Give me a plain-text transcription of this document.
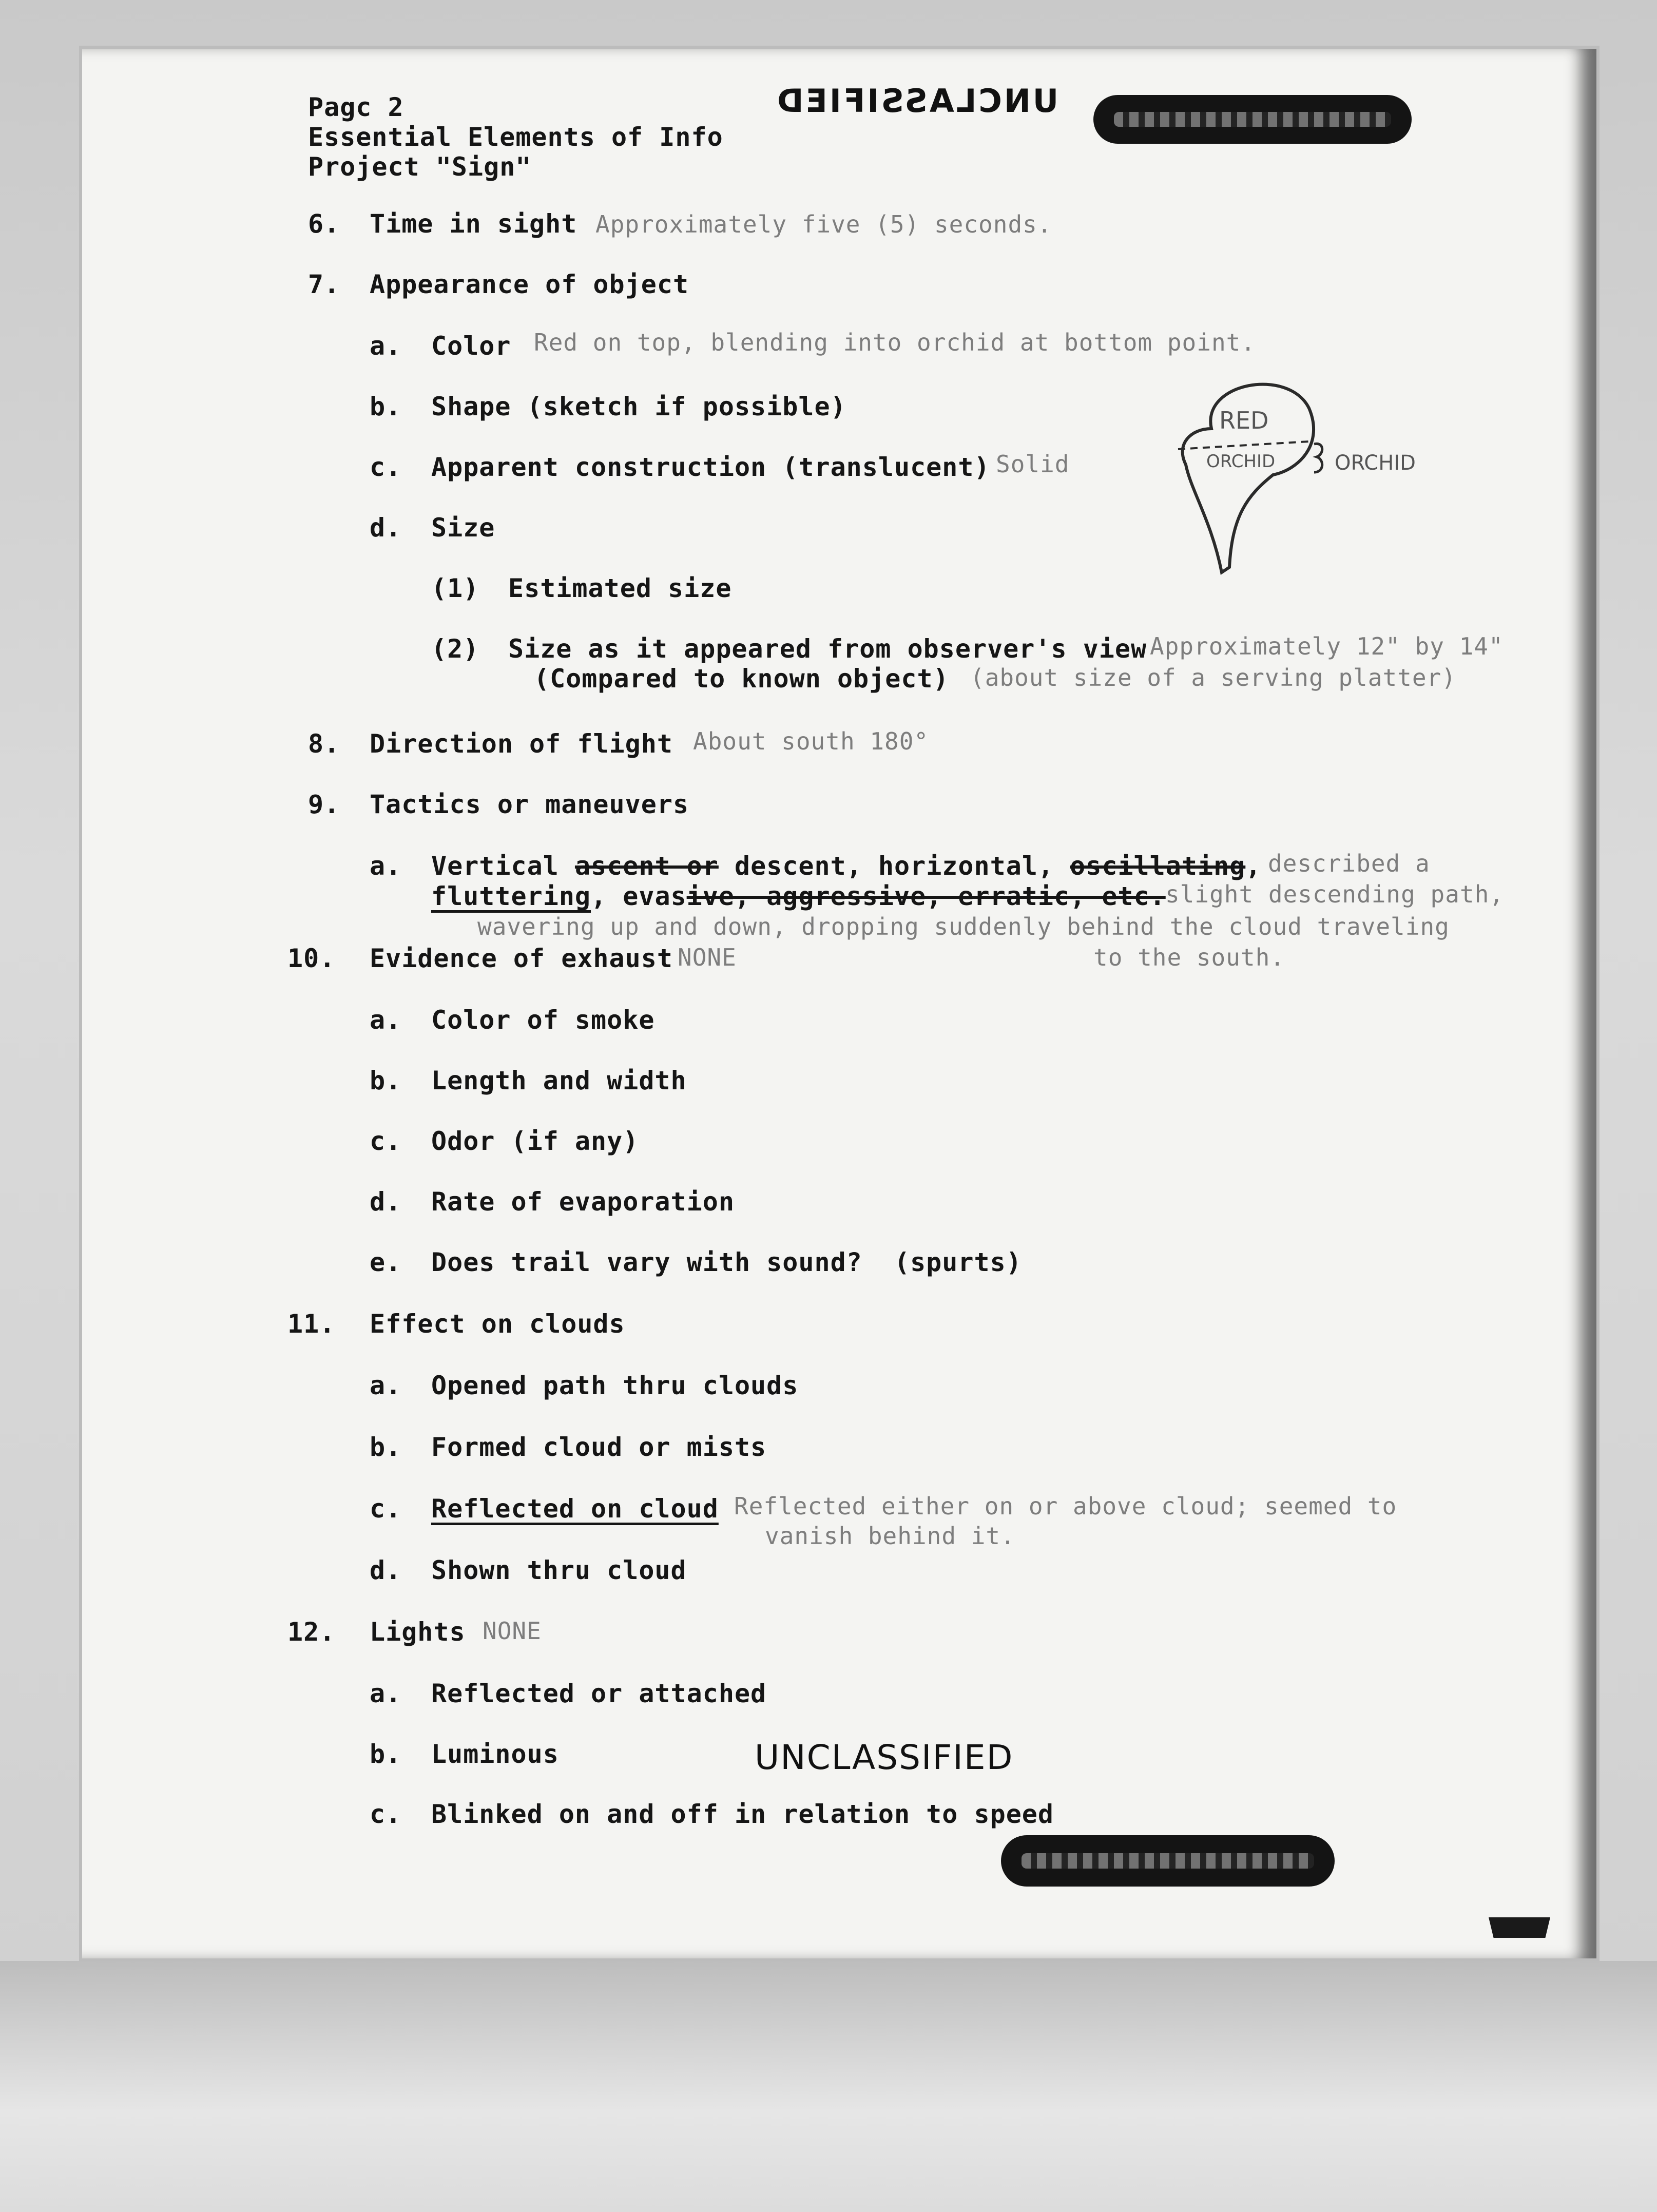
Pagc 2
Essential Elements of Info
Project "Sign"
UNCLASSIFIED
6. Time in sight Approximately five (5) seconds.
7. Appearance of object
a. Color Red on top, blending into orchid at bottom point.
b. Shape (sketch if possible)
c. Apparent construction (translucent) Solid
d. Size
(1) Estimated size
(2) Size as it appeared from observer's view Approximately 12" by 14"
(Compared to known object) (about size of a serving platter)
8. Direction of flight About south 180°
9. Tactics or maneuvers
a. Vertical ascent or descent, horizontal, oscillating, described a
fluttering, evasive, aggressive, erratic, etc. slight descending path,
wavering up and down, dropping suddenly behind the cloud traveling
to the south.
10. Evidence of exhaust NONE
a. Color of smoke
b. Length and width
c. Odor (if any)
d. Rate of evaporation
e. Does trail vary with sound?  (spurts)
11. Effect on clouds
a. Opened path thru clouds
b. Formed cloud or mists
c. Reflected on cloud Reflected either on or above cloud; seemed to
vanish behind it.
d. Shown thru cloud
12. Lights NONE
a. Reflected or attached
b. Luminous
c. Blinked on and off in relation to speed
UNCLASSIFIED
RED
ORCHID	ORCHID
